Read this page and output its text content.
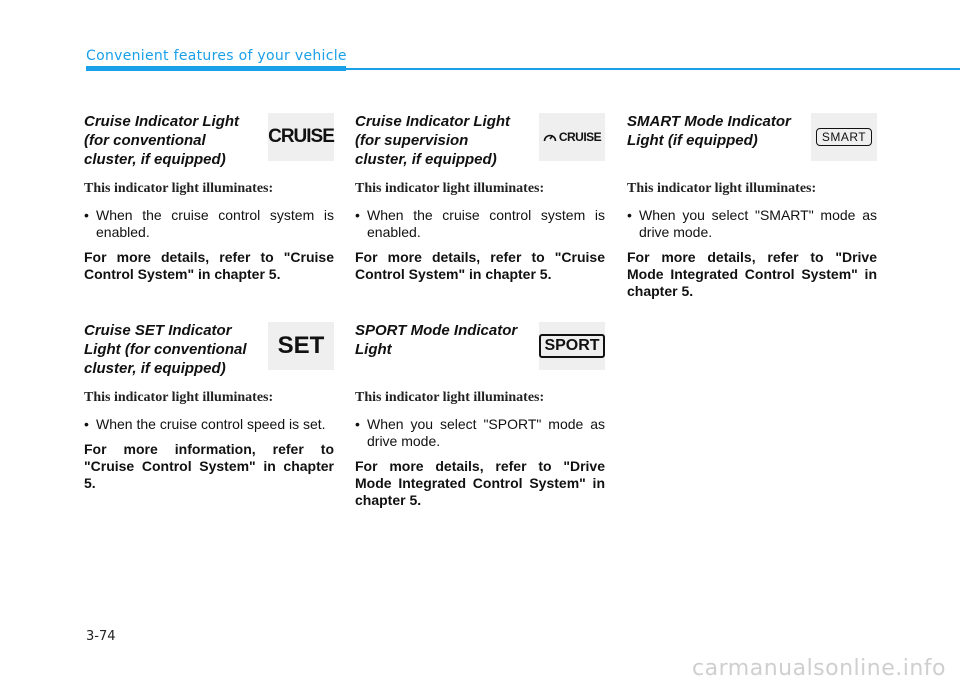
Convenient features of your vehicle
Cruise Indicator Light (for conventional cluster, if equipped)
CRUISE

This indicator light illuminates:

• When the cruise control system is enabled.

For more details, refer to "Cruise Control System" in chapter 5.

Cruise SET Indicator Light (for conventional cluster, if equipped)
SET

This indicator light illuminates:

• When the cruise control speed is set.

For more information, refer to "Cruise Control System" in chapter 5.

Cruise Indicator Light (for supervision cluster, if equipped)
CRUISE

This indicator light illuminates:

• When the cruise control system is enabled.

For more details, refer to "Cruise Control System" in chapter 5.

SPORT Mode Indicator Light	SPORT

This indicator light illuminates:

• When you select "SPORT" mode as drive mode.

For more details, refer to "Drive Mode Integrated Control System" in chapter 5.

SMART Mode Indicator Light (if equipped)	SMART

This indicator light illuminates:

• When you select "SMART" mode as drive mode.

For more details, refer to "Drive Mode Integrated Control System" in chapter 5.

3-74
carmanualsonline.info
